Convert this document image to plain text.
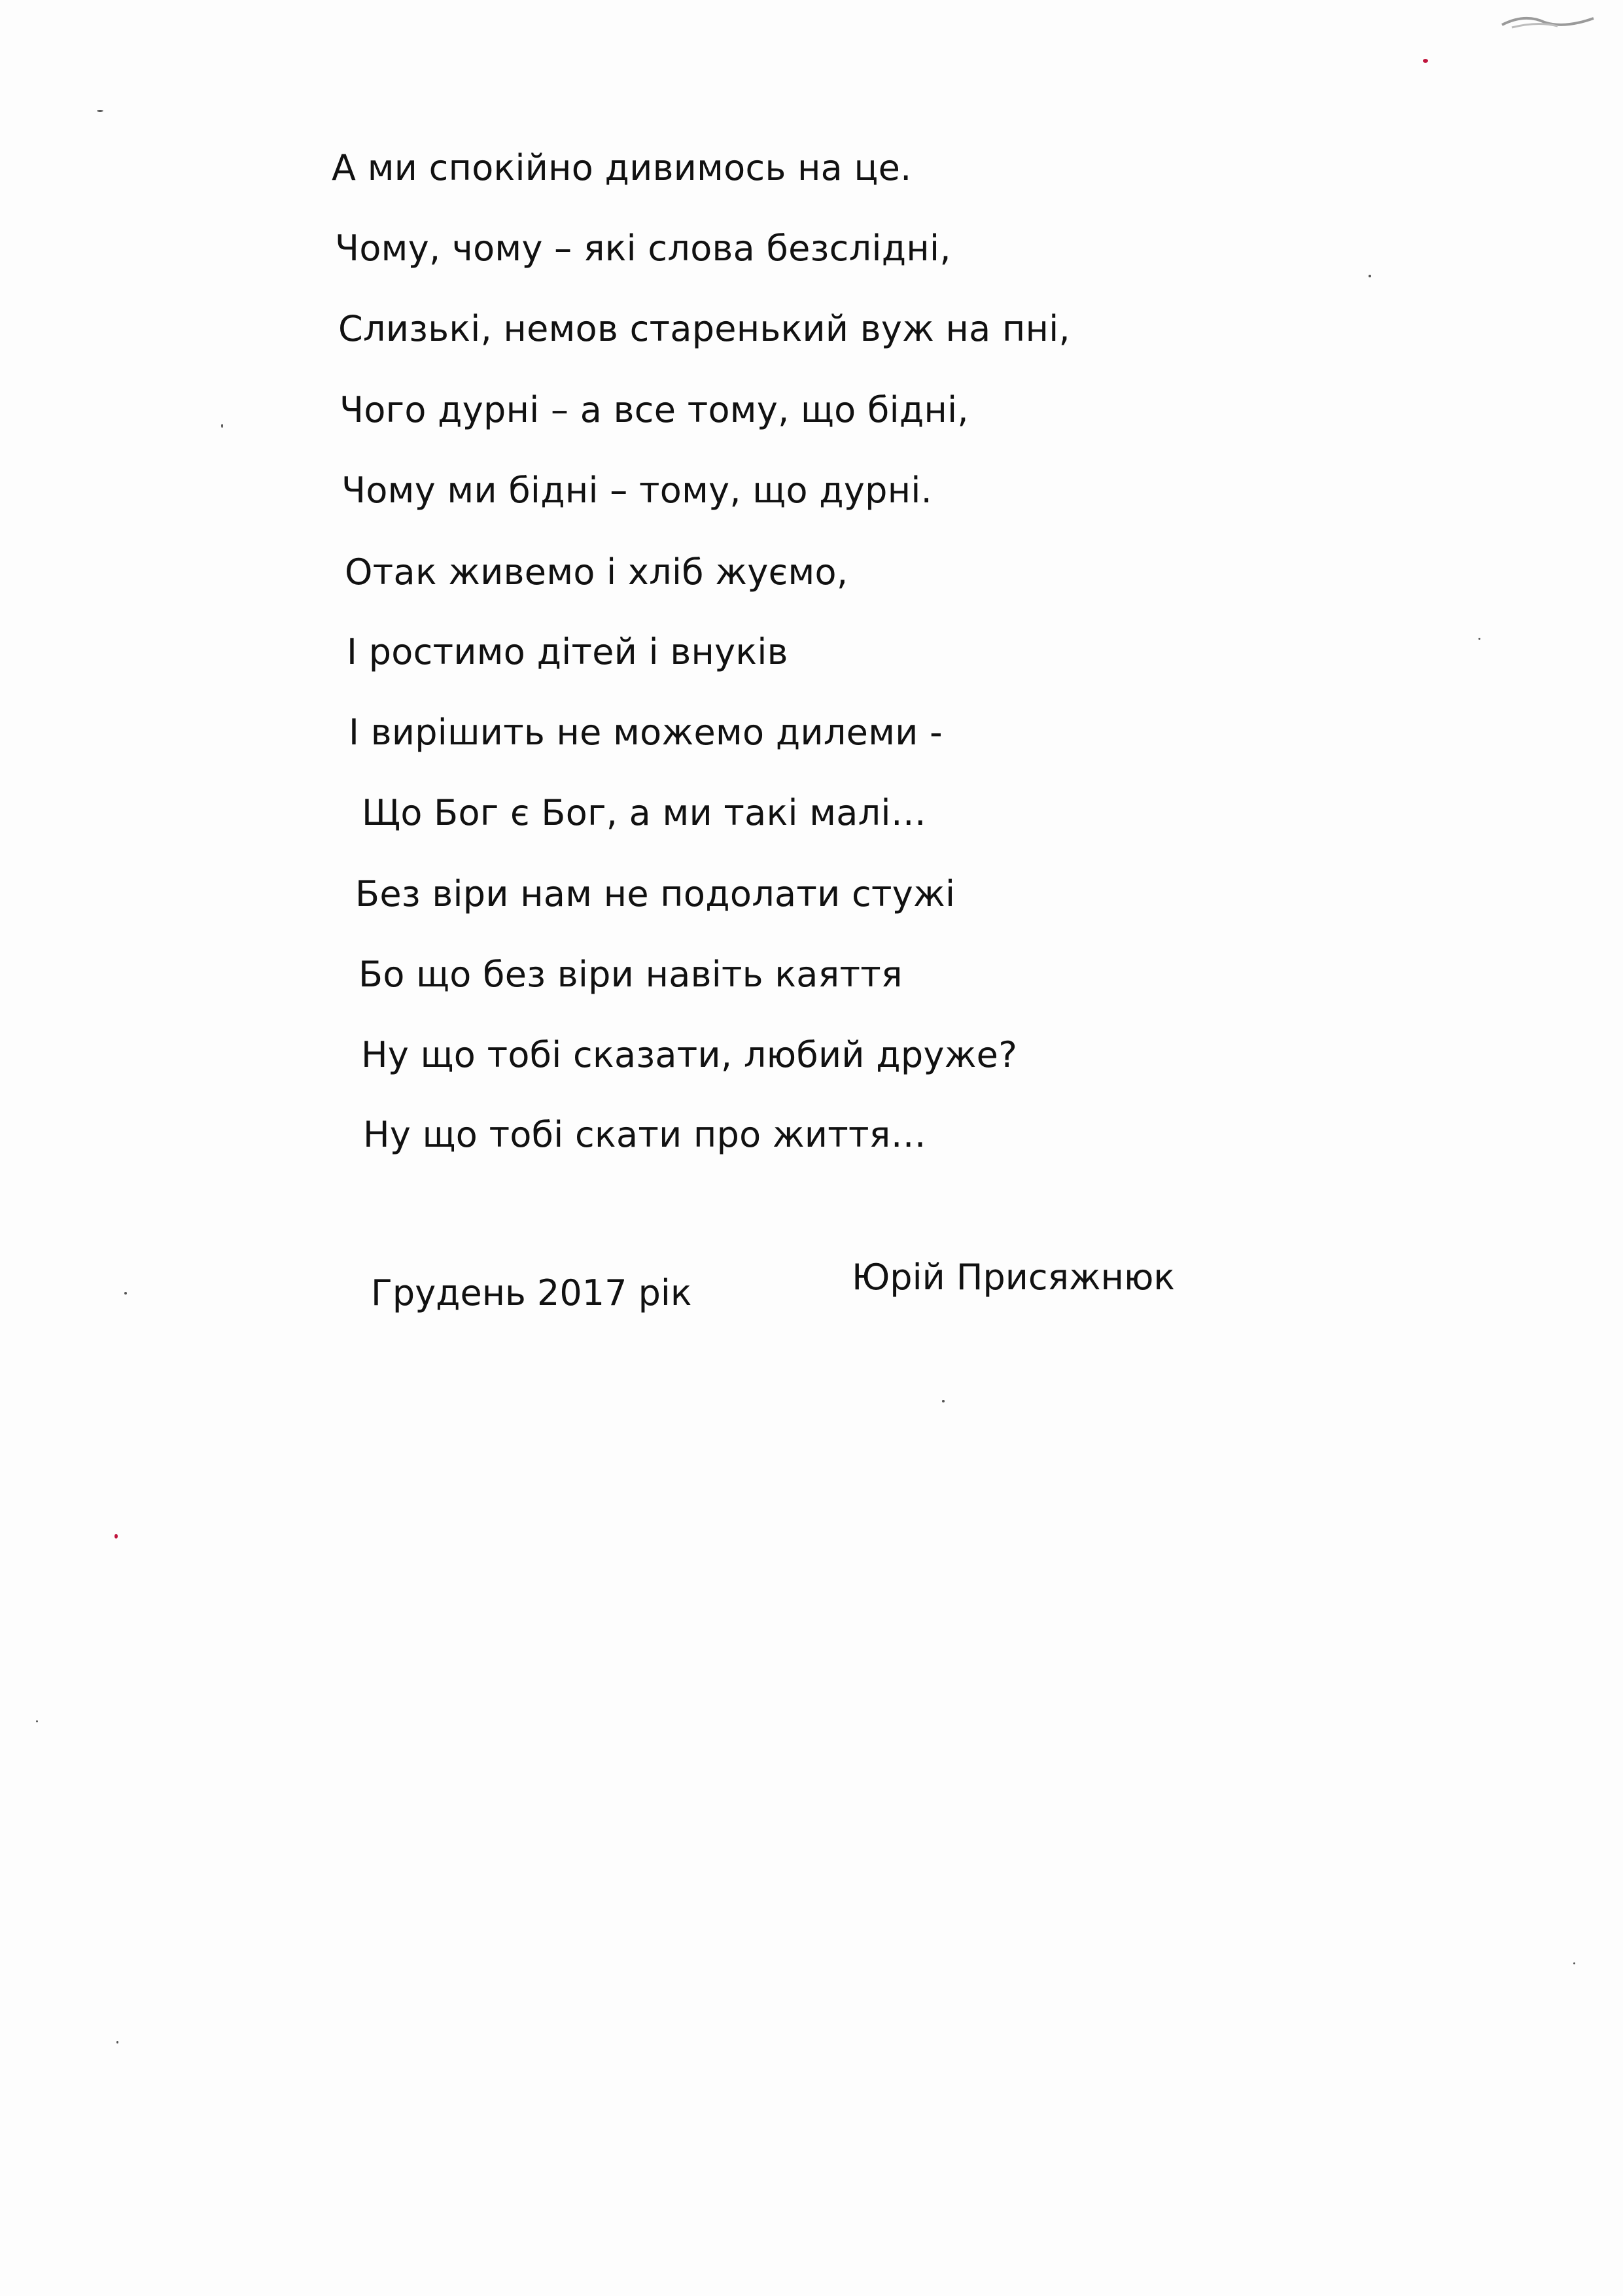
А ми спокійно дивимось на це.
Чому, чому – які слова безслідні,
Слизькі, немов старенький вуж на пні,
Чого дурні – а все тому, що бідні,
Чому ми бідні – тому, що дурні.
Отак живемо і хліб жуємо,
І ростимо дітей і внуків
І вирішить не можемо дилеми -
Що Бог є Бог, а ми такі малі…
Без віри нам не подолати стужі
Бо що без віри навіть каяття
Ну що тобі сказати, любий друже?
Ну що тобі скати про життя…
Грудень 2017 рік	Юрій Присяжнюк
